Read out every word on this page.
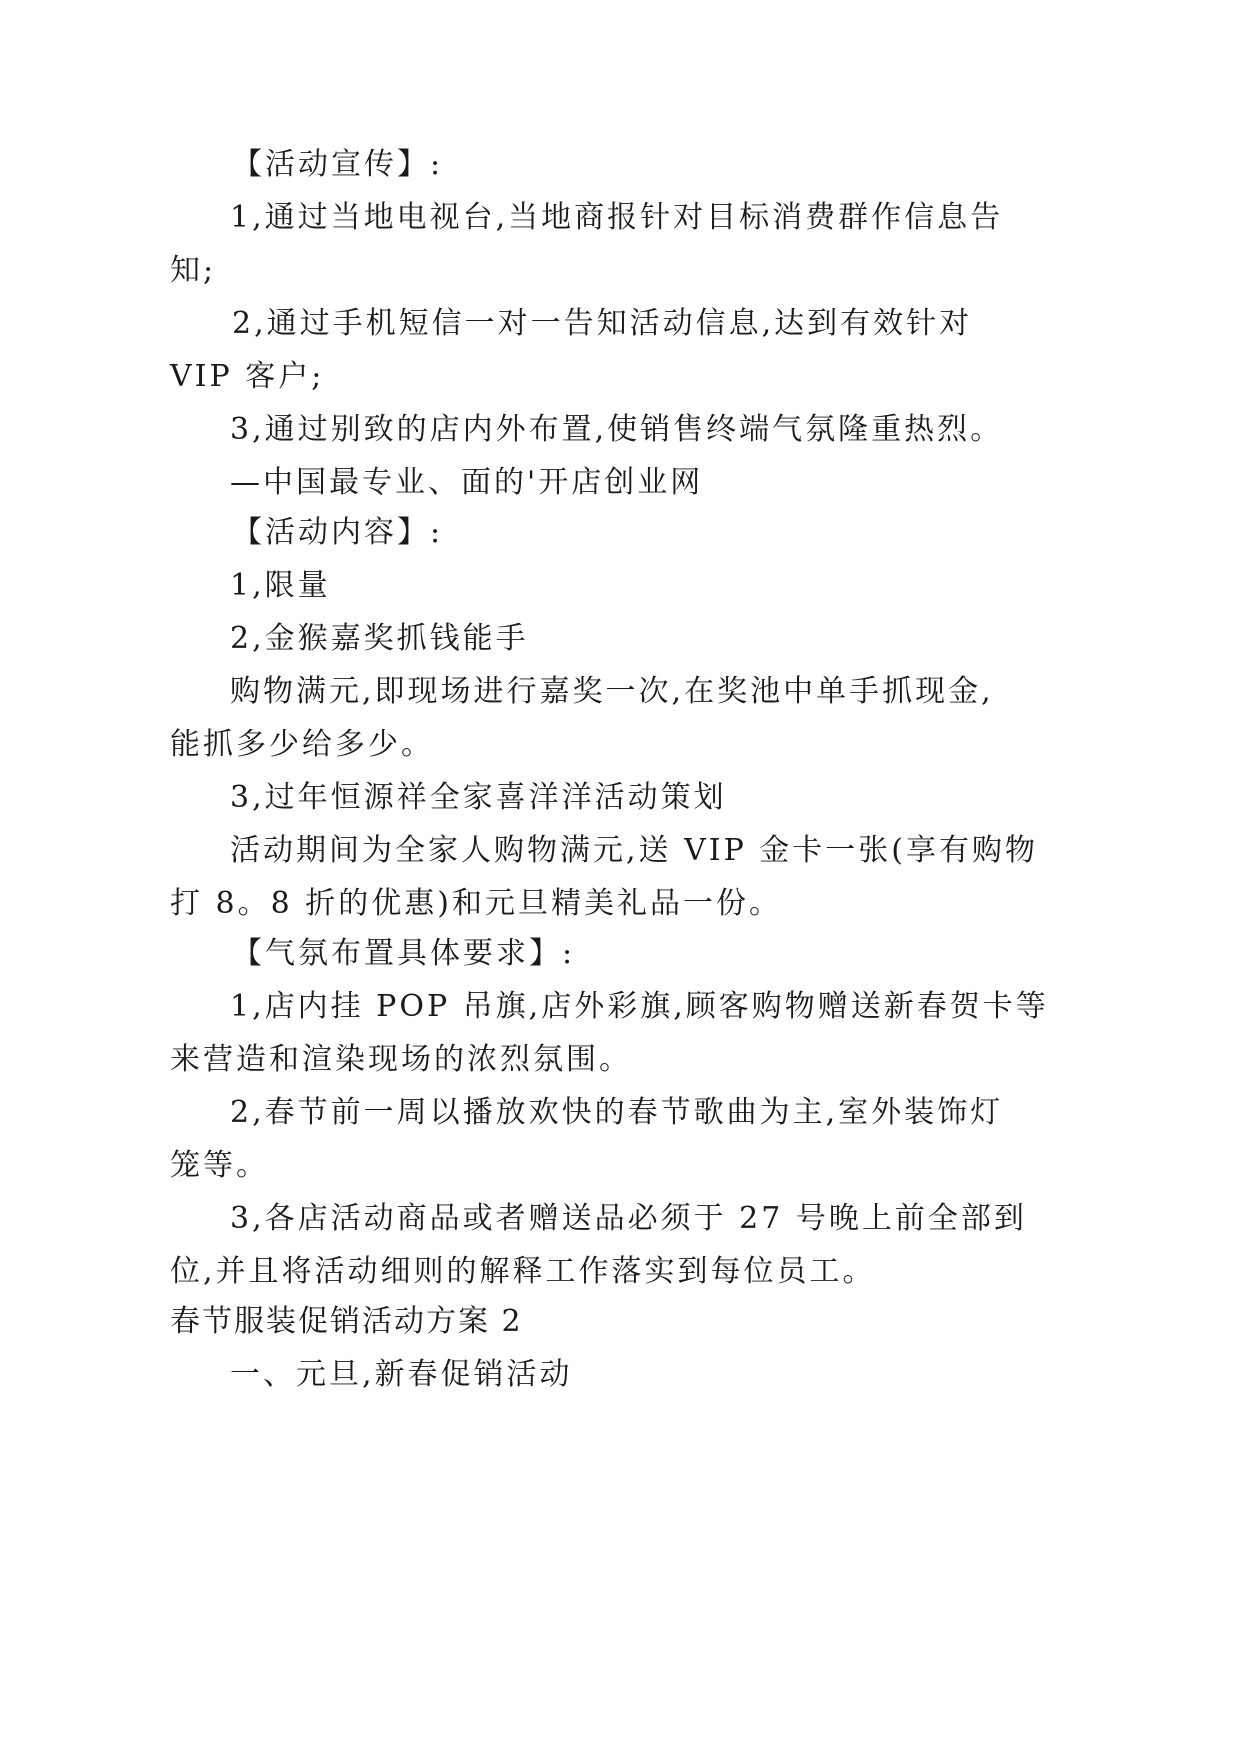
【活动宣传】:

1,通过当地电视台,当地商报针对目标消费群作信息告

知;

2,通过手机短信一对一告知活动信息,达到有效针对

VIP 客户;

3,通过别致的店内外布置,使销售终端气氛隆重热烈。

—中国最专业、面的'开店创业网

【活动内容】:

1,限量

2,金猴嘉奖抓钱能手

购物满元,即现场进行嘉奖一次,在奖池中单手抓现金,

能抓多少给多少。

3,过年恒源祥全家喜洋洋活动策划

活动期间为全家人购物满元,送 VIP 金卡一张(享有购物

打 8。8 折的优惠)和元旦精美礼品一份。

【气氛布置具体要求】:

1,店内挂 POP 吊旗,店外彩旗,顾客购物赠送新春贺卡等

来营造和渲染现场的浓烈氛围。

2,春节前一周以播放欢快的春节歌曲为主,室外装饰灯

笼等。

3,各店活动商品或者赠送品必须于 27 号晚上前全部到

位,并且将活动细则的解释工作落实到每位员工。

春节服装促销活动方案 2

一、元旦,新春促销活动
